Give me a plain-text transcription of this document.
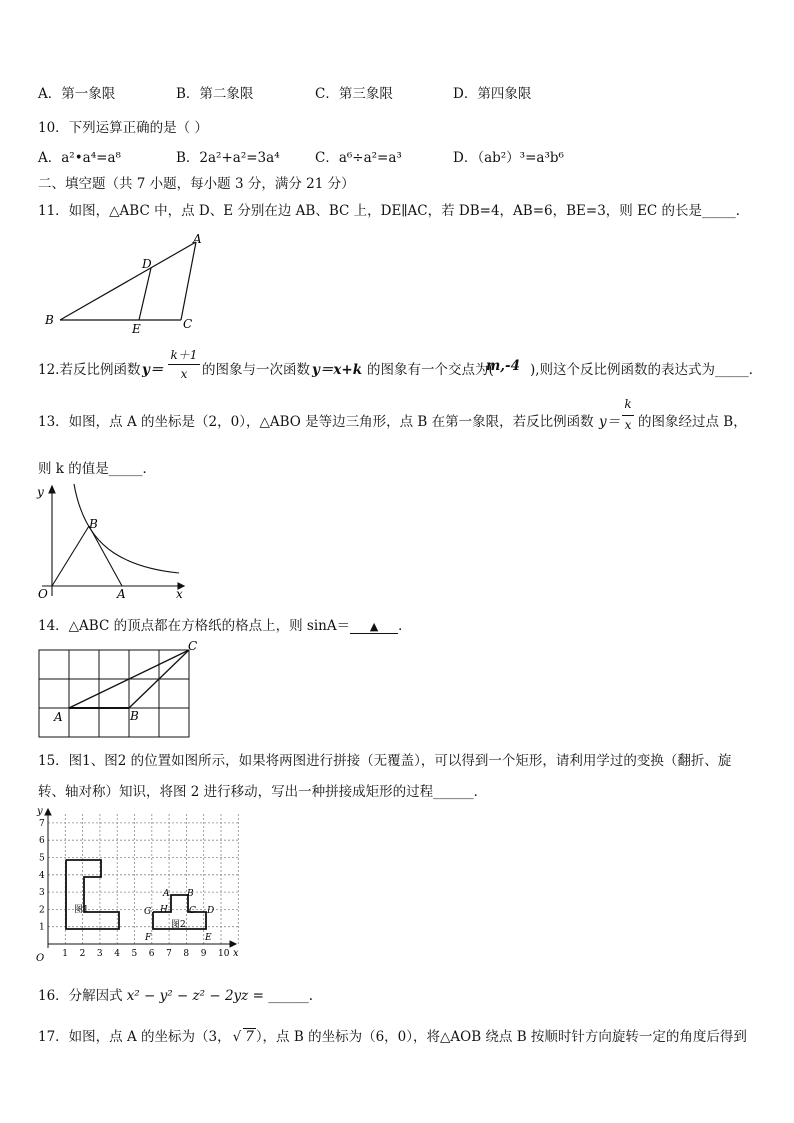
A．第一象限	B．第二象限	C．第三象限	D．第四象限
10．下列运算正确的是（ ）
A．a²•a⁴=a⁸	B．2a²+a²=3a⁴	C．a⁶÷a²=a³	D．（ab²）³=a³b⁶
二、填空题（共 7 小题，每小题 3 分，满分 21 分）
11．如图，△ABC 中，点 D、E 分别在边 AB、BC 上，DE∥AC，若 DB=4，AB=6，BE=3，则 EC 的长是_____．
A
D
B
E	C
12.若反比例函数 y＝
k＋1
x	的图象与一次函数 y＝x+k 的图象有一个交点为(
m,-4 ),则这个反比例函数的表达式为_____．
13．如图，点 A 的坐标是（2，0），△ABO 是等边三角形，点 B 在第一象限，若反比例函数 y＝
k
x 的图象经过点 B，
则 k 的值是_____．
y
x
O	A
B
14．△ABC 的顶点都在方格纸的格点上，则 sinA＝ ▲ ．
A	B
C
15．图1、图2 的位置如图所示，如果将两图进行拼接（无覆盖），可以得到一个矩形，请利用学过的变换（翻折、旋
转、轴对称）知识，将图 2 进行移动，写出一种拼接成矩形的过程______．
1 2 3 4 5 6 7 8 9 10
1
2
3
4
5
6
7
图1
图2
A B
C D
E
F
G H
y
x
O
16．分解因式 x² − y² − z² − 2yz = ______.
17．如图，点 A 的坐标为（3， √ 7 ），点 B 的坐标为（6，0），将△AOB 绕点 B 按顺时针方向旋转一定的角度后得到
